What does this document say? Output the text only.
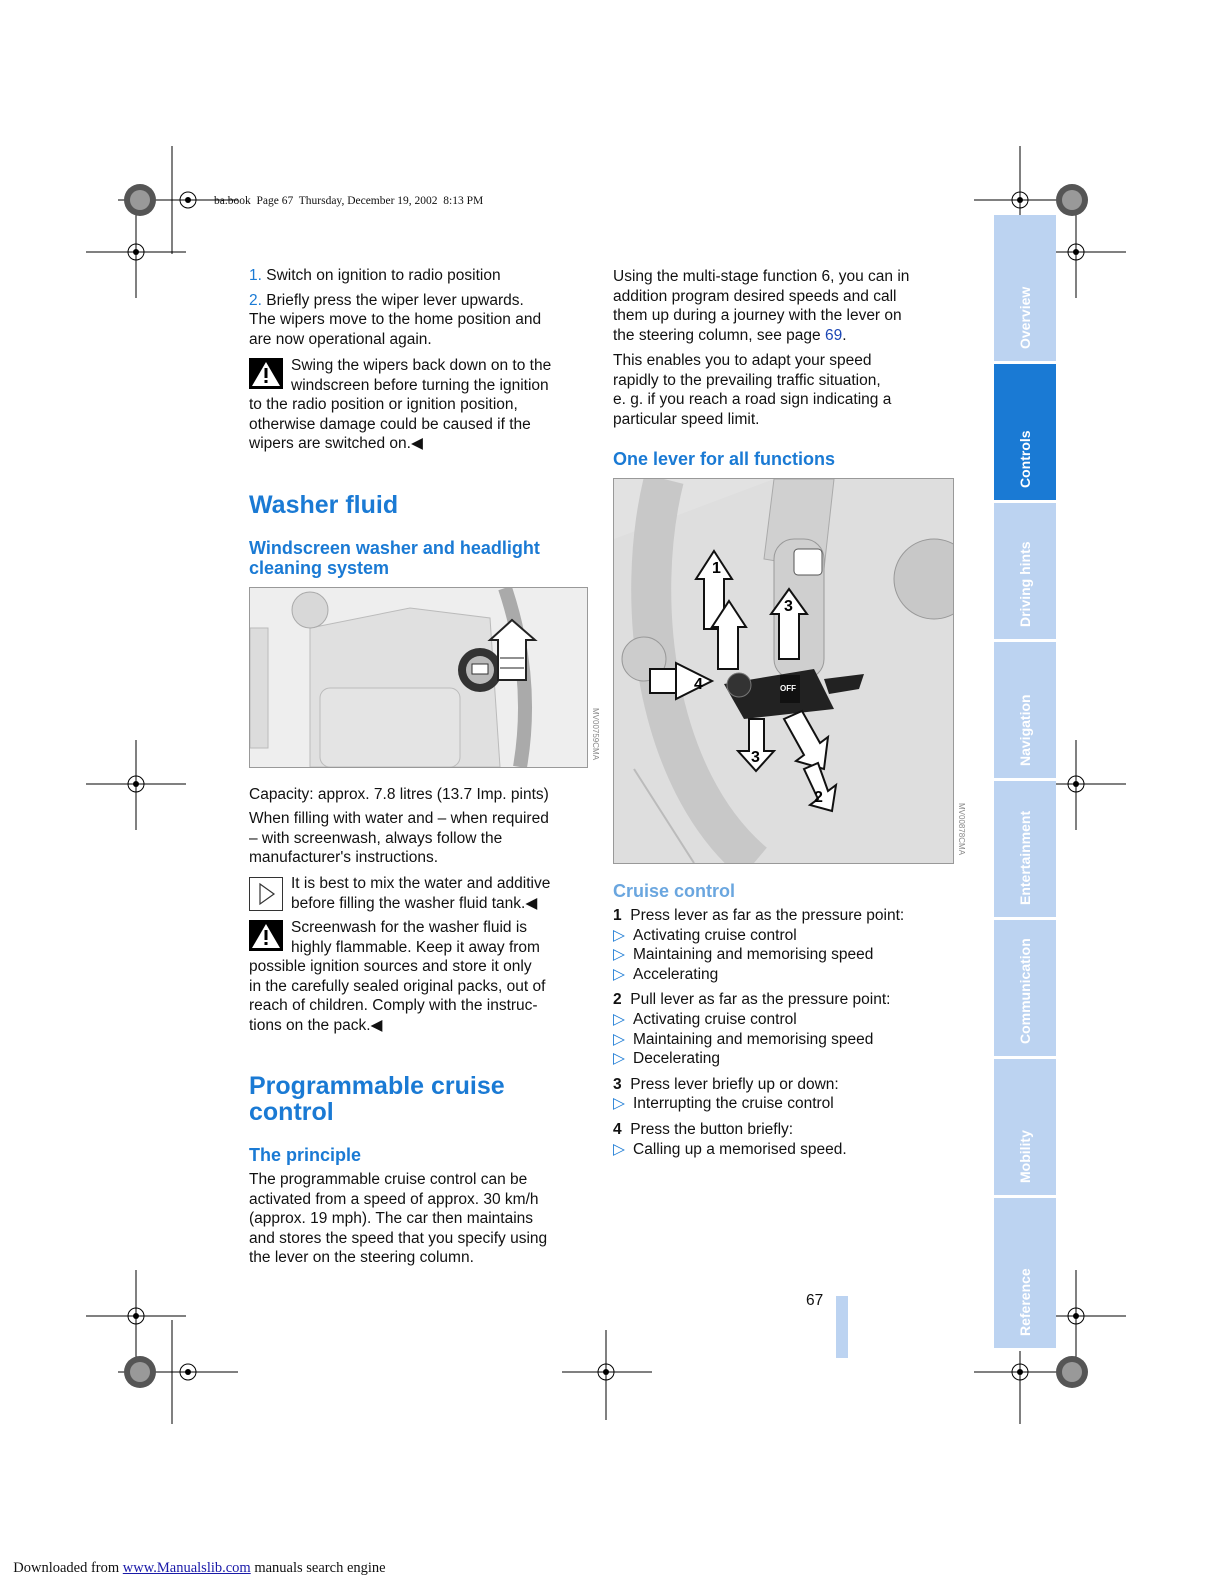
ba.book  Page 67  Thursday, December 19, 2002  8:13 PM

1. Switch on ignition to radio position

2. Briefly press the wiper lever upwards.

The wipers move to the home position and
are now operational again.

Swing the wipers back down on to the
windscreen before turning the ignition
to the radio position or ignition position,
otherwise damage could be caused if the
wipers are switched on.◀
Washer fluid
Windscreen washer and headlight
cleaning system
MV00759CMA
Capacity: approx. 7.8 litres (13.7 Imp. pints)
When filling with water and – when required
– with screenwash, always follow the
manufacturer's instructions.
It is best to mix the water and additive
before filling the washer fluid tank.◀
Screenwash for the washer fluid is
highly flammable. Keep it away from
possible ignition sources and store it only
in the carefully sealed original packs, out of
reach of children. Comply with the instruc-
tions on the pack.◀
Programmable cruise
control
The principle
The programmable cruise control can be
activated from a speed of approx. 30 km/h
(approx. 19 mph). The car then maintains
and stores the speed that you specify using
the lever on the steering column.
Using the multi-stage function 6, you can in
addition program desired speeds and call
them up during a journey with the lever on
the steering column, see page 69.
This enables you to adapt your speed
rapidly to the prevailing traffic situation,
e. g. if you reach a road sign indicating a
particular speed limit.
One lever for all functions
1
3
4
3
2
OFF
MV00878CMA
Cruise control

1 Press lever as far as the pressure point:

▷ Activating cruise control

▷ Maintaining and memorising speed

▷ Accelerating

2 Pull lever as far as the pressure point:

▷ Activating cruise control

▷ Maintaining and memorising speed

▷ Decelerating

3 Press lever briefly up or down:

▷ Interrupting the cruise control

4 Press the button briefly:

▷ Calling up a memorised speed.

67
Overview
Controls
Driving hints
Navigation
Entertainment
Communication
Mobility
Reference

Downloaded from www.Manualslib.com manuals search engine
